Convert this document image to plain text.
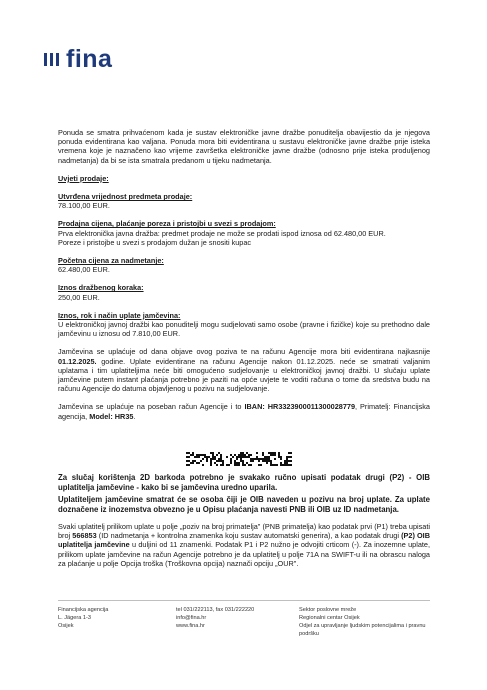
fina

Ponuda se smatra prihvaćenom kada je sustav elektroničke javne dražbe ponuditelja obavijestio da je njegova ponuda evidentirana kao valjana. Ponuda mora biti evidentirana u sustavu elektroničke javne dražbe prije isteka vremena koje je naznačeno kao vrijeme završetka elektroničke javne dražbe (odnosno prije isteka produljenog nadmetanja) da bi se ista smatrala predanom u tijeku nadmetanja.

Uvjeti prodaje:

Utvrđena vrijednost predmeta prodaje:

78.100,00 EUR.

Prodajna cijena, plaćanje poreza i pristojbi u svezi s prodajom:

Prva elektronička javna dražba: predmet prodaje ne može se prodati ispod iznosa od 62.480,00 EUR.

Poreze i pristojbe u svezi s prodajom dužan je snositi kupac

Početna cijena za nadmetanje:

62.480,00 EUR.

Iznos dražbenog koraka:

250,00 EUR.

Iznos, rok i način uplate jamčevina:

U elektroničkoj javnoj dražbi kao ponuditelji mogu sudjelovati samo osobe (pravne i fizičke) koje su prethodno dale jamčevinu u iznosu od 7.810,00 EUR.

Jamčevina se uplaćuje od dana objave ovog poziva te na računu Agencije mora biti evidentirana najkasnije 01.12.2025. godine. Uplate evidentirane na računu Agencije nakon 01.12.2025. neće se smatrati valjanim uplatama i tim uplatiteljima neće biti omogućeno sudjelovanje u elektroničkoj javnoj dražbi. U slučaju uplate jamčevine putem instant plaćanja potrebno je paziti na opće uvjete te voditi računa o tome da sredstva budu na računu Agencije do datuma objavljenog u pozivu na sudjelovanje.

Jamčevina se uplaćuje na poseban račun Agencije i to IBAN: HR3323900011300028779, Primatelj: Financijska agencija, Model: HR35.

Za slučaj korištenja 2D barkoda potrebno je svakako ručno upisati podatak drugi (P2) - OIB uplatitelja jamčevine - kako bi se jamčevina uredno uparila.
Uplatiteljem jamčevine smatrat će se osoba čiji je OIB naveden u pozivu na broj uplate. Za uplate doznačene iz inozemstva obvezno je u Opisu plaćanja navesti PNB ili OIB uz ID nadmetanja.
Svaki uplatitelj prilikom uplate u polje „poziv na broj primatelja" (PNB primatelja) kao podatak prvi (P1) treba upisati broj 566853 (ID nadmetanja + kontrolna znamenka koju sustav automatski generira), a kao podatak drugi (P2) OIB uplatitelja jamčevine u duljini od 11 znamenki. Podatak P1 i P2 nužno je odvojiti crticom (-). Za inozemne uplate, prilikom uplate jamčevine na račun Agencije potrebno je da uplatitelj u polje 71A na SWIFT-u ili na obrascu naloga za plaćanje u polje Opcija troška (Troškovna opcija) naznači opciju „OUR".
Financijska agencija
L. Jägera 1-3
Osijek
tel 031/222113, fax 031/222220
info@fina.hr
www.fina.hr
Sektor poslovne mreže
Regionalni centar Osijek
Odjel za upravljanje ljudskim potencijalima i pravnu
podršku
